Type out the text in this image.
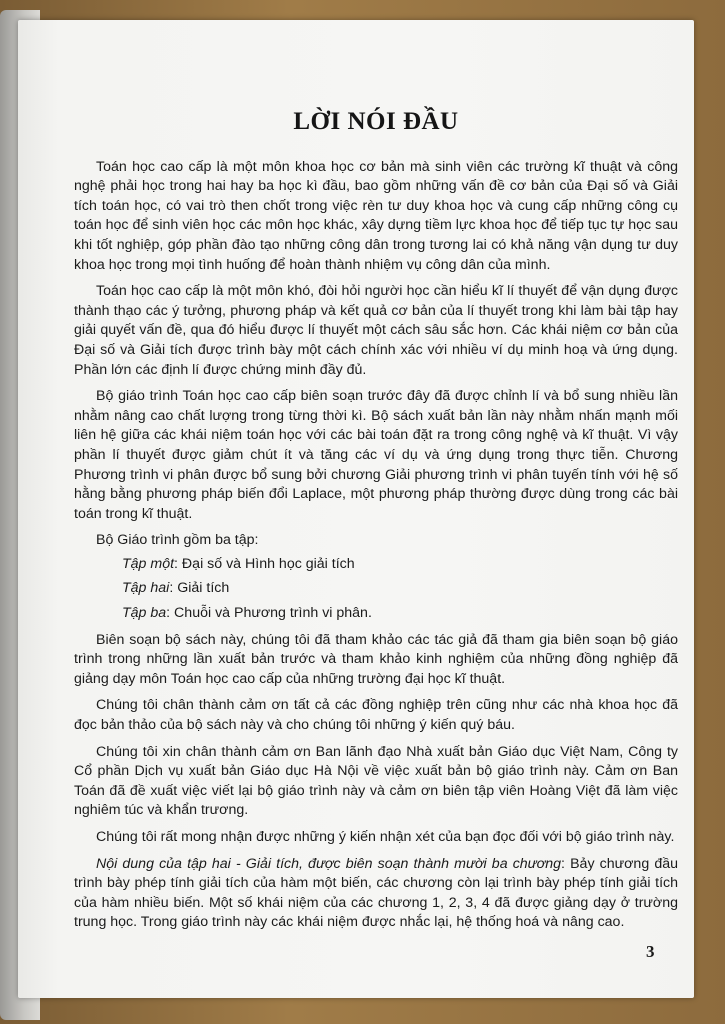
LỜI NÓI ĐẦU

Toán học cao cấp là một môn khoa học cơ bản mà sinh viên các trường kĩ thuật và công nghệ phải học trong hai hay ba học kì đầu, bao gồm những vấn đề cơ bản của Đại số và Giải tích toán học, có vai trò then chốt trong việc rèn tư duy khoa học và cung cấp những công cụ toán học để sinh viên học các môn học khác, xây dựng tiềm lực khoa học để tiếp tục tự học sau khi tốt nghiệp, góp phần đào tạo những công dân trong tương lai có khả năng vận dụng tư duy khoa học trong mọi tình huống để hoàn thành nhiệm vụ công dân của mình.

Toán học cao cấp là một môn khó, đòi hỏi người học cần hiểu kĩ lí thuyết để vận dụng được thành thạo các ý tưởng, phương pháp và kết quả cơ bản của lí thuyết trong khi làm bài tập hay giải quyết vấn đề, qua đó hiểu được lí thuyết một cách sâu sắc hơn. Các khái niệm cơ bản của Đại số và Giải tích được trình bày một cách chính xác với nhiều ví dụ minh hoạ và ứng dụng. Phần lớn các định lí được chứng minh đầy đủ.

Bộ giáo trình Toán học cao cấp biên soạn trước đây đã được chỉnh lí và bổ sung nhiều lần nhằm nâng cao chất lượng trong từng thời kì. Bộ sách xuất bản lần này nhằm nhấn mạnh mối liên hệ giữa các khái niệm toán học với các bài toán đặt ra trong công nghệ và kĩ thuật. Vì vậy phần lí thuyết được giảm chút ít và tăng các ví dụ và ứng dụng trong thực tiễn. Chương Phương trình vi phân được bổ sung bởi chương Giải phương trình vi phân tuyến tính với hệ số hằng bằng phương pháp biến đổi Laplace, một phương pháp thường được dùng trong các bài toán trong kĩ thuật.

Bộ Giáo trình gồm ba tập:

Tập một: Đại số và Hình học giải tích
Tập hai: Giải tích
Tập ba: Chuỗi và Phương trình vi phân.

Biên soạn bộ sách này, chúng tôi đã tham khảo các tác giả đã tham gia biên soạn bộ giáo trình trong những lần xuất bản trước và tham khảo kinh nghiệm của những đồng nghiệp đã giảng dạy môn Toán học cao cấp của những trường đại học kĩ thuật.

Chúng tôi chân thành cảm ơn tất cả các đồng nghiệp trên cũng như các nhà khoa học đã đọc bản thảo của bộ sách này và cho chúng tôi những ý kiến quý báu.

Chúng tôi xin chân thành cảm ơn Ban lãnh đạo Nhà xuất bản Giáo dục Việt Nam, Công ty Cổ phần Dịch vụ xuất bản Giáo dục Hà Nội về việc xuất bản bộ giáo trình này. Cảm ơn Ban Toán đã đề xuất việc viết lại bộ giáo trình này và cảm ơn biên tập viên Hoàng Việt đã làm việc nghiêm túc và khẩn trương.

Chúng tôi rất mong nhận được những ý kiến nhận xét của bạn đọc đối với bộ giáo trình này.

Nội dung của tập hai - Giải tích, được biên soạn thành mười ba chương: Bảy chương đầu trình bày phép tính giải tích của hàm một biến, các chương còn lại trình bày phép tính giải tích của hàm nhiều biến. Một số khái niệm của các chương 1, 2, 3, 4 đã được giảng dạy ở trường trung học. Trong giáo trình này các khái niệm được nhắc lại, hệ thống hoá và nâng cao.

3
